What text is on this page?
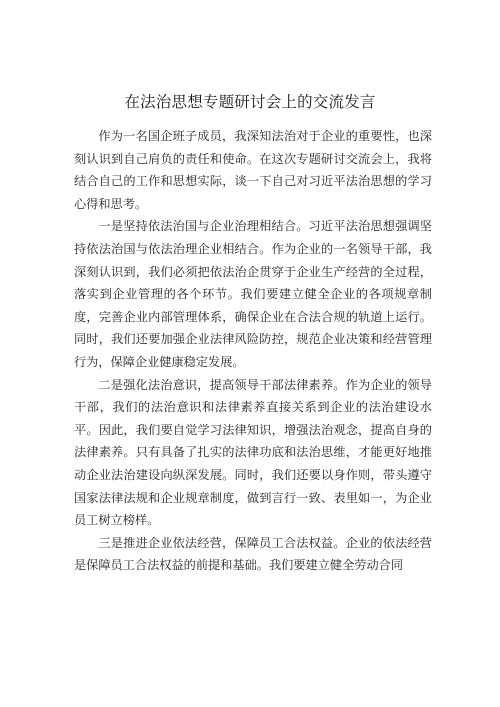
在法治思想专题研讨会上的交流发言

作为一名国企班子成员，我深知法治对于企业的重要性，也深刻认识到自己肩负的责任和使命。在这次专题研讨交流会上，我将结合自己的工作和思想实际，谈一下自己对习近平法治思想的学习心得和思考。

一是坚持依法治国与企业治理相结合。习近平法治思想强调坚持依法治国与依法治理企业相结合。作为企业的一名领导干部，我深刻认识到，我们必须把依法治企贯穿于企业生产经营的全过程，落实到企业管理的各个环节。我们要建立健全企业的各项规章制度，完善企业内部管理体系，确保企业在合法合规的轨道上运行。同时，我们还要加强企业法律风险防控，规范企业决策和经营管理行为，保障企业健康稳定发展。

二是强化法治意识，提高领导干部法律素养。作为企业的领导干部，我们的法治意识和法律素养直接关系到企业的法治建设水平。因此，我们要自觉学习法律知识，增强法治观念，提高自身的法律素养。只有具备了扎实的法律功底和法治思维，才能更好地推动企业法治建设向纵深发展。同时，我们还要以身作则，带头遵守国家法律法规和企业规章制度，做到言行一致、表里如一，为企业员工树立榜样。

三是推进企业依法经营，保障员工合法权益。企业的依法经营是保障员工合法权益的前提和基础。我们要建立健全劳动合同
